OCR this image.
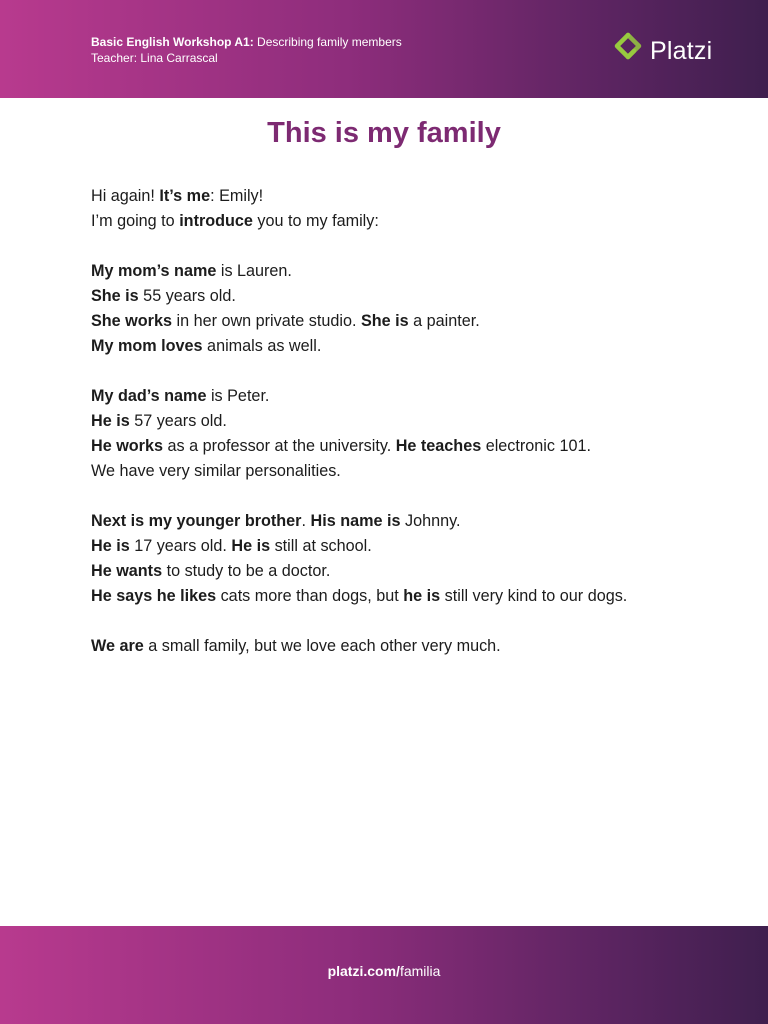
Basic English Workshop A1: Describing family members
Teacher: Lina Carrascal	Platzi
This is my family

Hi again! It’s me: Emily!
I’m going to introduce you to my family:

My mom’s name is Lauren.
She is 55 years old.
She works in her own private studio. She is a painter.
My mom loves animals as well.

My dad’s name is Peter.
He is 57 years old.
He works as a professor at the university. He teaches electronic 101.
We have very similar personalities.

Next is my younger brother. His name is Johnny.
He is 17 years old. He is still at school.
He wants to study to be a doctor.
He says he likes cats more than dogs, but he is still very kind to our dogs.

We are a small family, but we love each other very much.

platzi.com/familia
